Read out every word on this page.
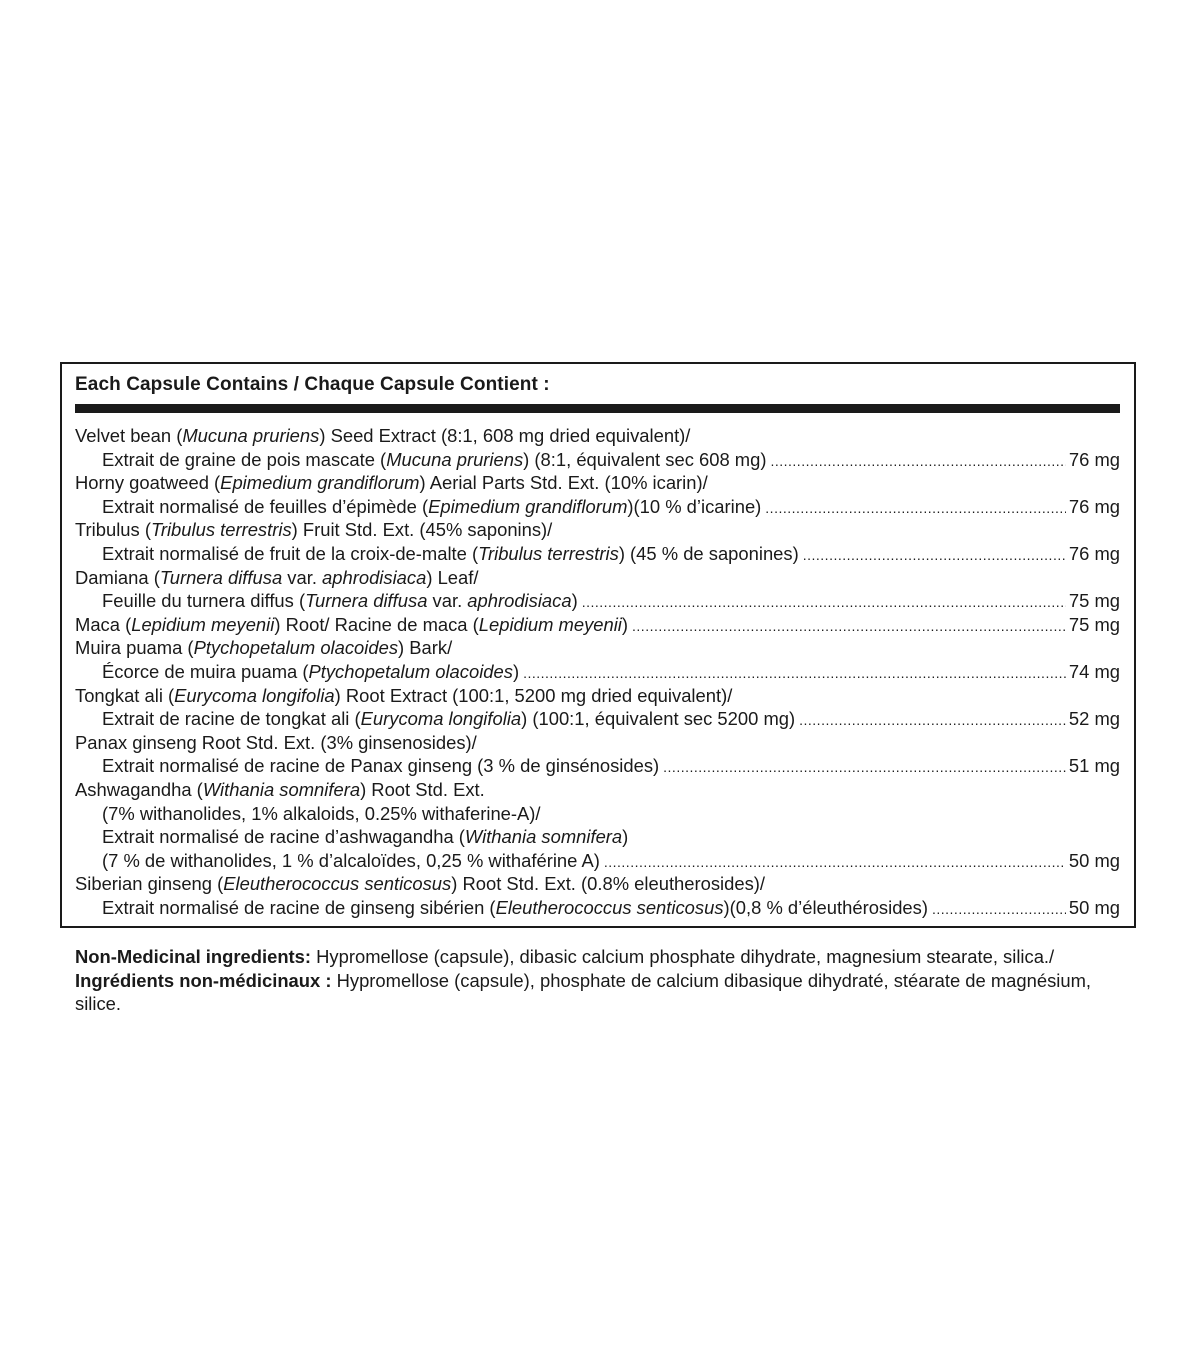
Each Capsule Contains / Chaque Capsule Contient :
Velvet bean (Mucuna pruriens) Seed Extract (8:1, 608 mg dried equivalent)/
Extrait de graine de pois mascate (Mucuna pruriens) (8:1, équivalent sec 608 mg) .....	76 mg
Horny goatweed (Epimedium grandiflorum) Aerial Parts Std. Ext. (10% icarin)/
Extrait normalisé de feuilles d’épimède (Epimedium grandiflorum)(10 % d’icarine) .....	76 mg
Tribulus (Tribulus terrestris) Fruit Std. Ext. (45% saponins)/
Extrait normalisé de fruit de la croix-de-malte (Tribulus terrestris) (45 % de saponines) .....	76 mg
Damiana (Turnera diffusa var. aphrodisiaca) Leaf/
Feuille du turnera diffus (Turnera diffusa var. aphrodisiaca) .....	75 mg
Maca (Lepidium meyenii) Root/ Racine de maca (Lepidium meyenii) .....	75 mg
Muira puama (Ptychopetalum olacoides) Bark/
Écorce de muira puama (Ptychopetalum olacoides) .....	74 mg
Tongkat ali (Eurycoma longifolia) Root Extract (100:1, 5200 mg dried equivalent)/
Extrait de racine de tongkat ali (Eurycoma longifolia) (100:1, équivalent sec 5200 mg) .....	52 mg
Panax ginseng Root Std. Ext. (3% ginsenosides)/
Extrait normalisé de racine de Panax ginseng (3 % de ginsénosides) .....	51 mg
Ashwagandha (Withania somnifera) Root Std. Ext.
(7% withanolides, 1% alkaloids, 0.25% withaferine-A)/
Extrait normalisé de racine d’ashwagandha (Withania somnifera)
(7 % de withanolides, 1 % d’alcaloïdes, 0,25 % withaférine A) .....	50 mg
Siberian ginseng (Eleutherococcus senticosus) Root Std. Ext. (0.8% eleutherosides)/
Extrait normalisé de racine de ginseng sibérien (Eleutherococcus senticosus)(0,8 % d’éleuthérosides) .....	50 mg

Non-Medicinal ingredients: Hypromellose (capsule), dibasic calcium phosphate dihydrate, magnesium stearate, silica./ Ingrédients non-médicinaux : Hypromellose (capsule), phosphate de calcium dibasique dihydraté, stéarate de magnésium, silice.
